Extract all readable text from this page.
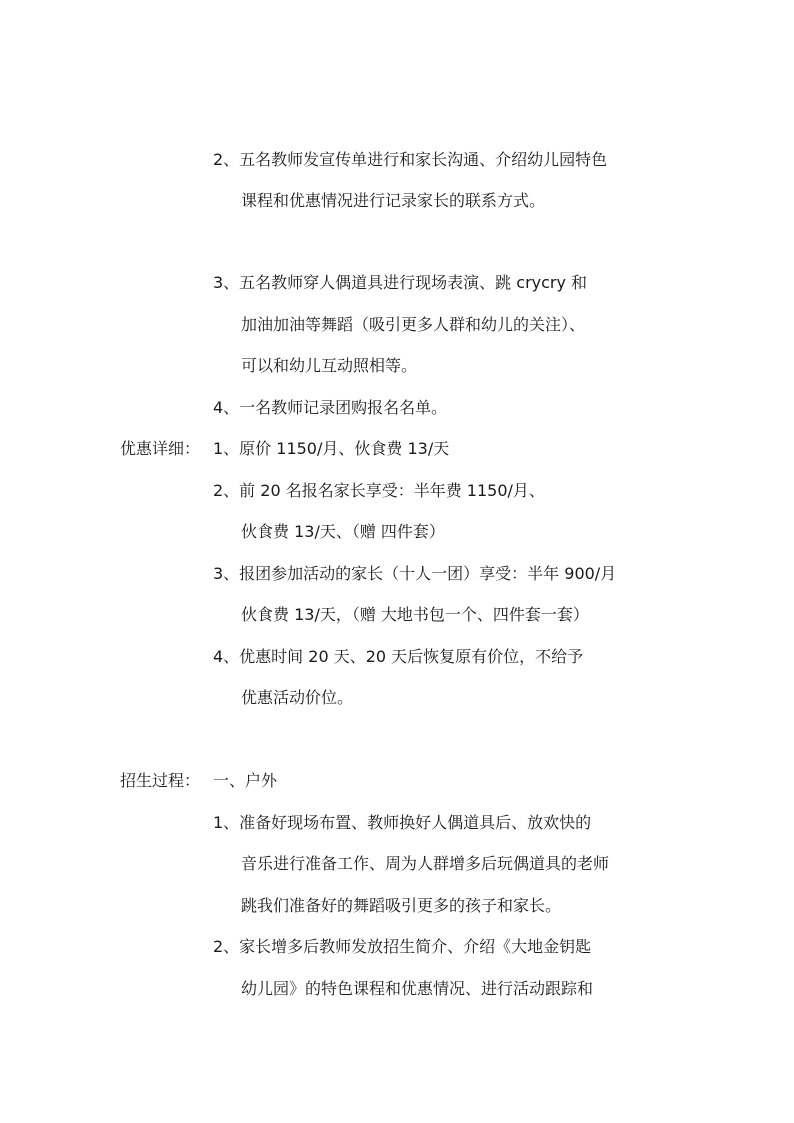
2、五名教师发宣传单进行和家长沟通、介绍幼儿园特色
课程和优惠情况进行记录家长的联系方式。
3、五名教师穿人偶道具进行现场表演、跳 crycry 和
加油加油等舞蹈（吸引更多人群和幼儿的关注）、
可以和幼儿互动照相等。
4、一名教师记录团购报名名单。
优惠详细： 1、原价 1150/月、伙食费 13/天
2、前 20 名报名家长享受：半年费 1150/月、
伙食费 13/天、（赠 四件套）
3、报团参加活动的家长（十人一团）享受：半年 900/月
伙食费 13/天，（赠 大地书包一个、四件套一套）
4、优惠时间 20 天、20 天后恢复原有价位，不给予
优惠活动价位。
招生过程： 一、户外
1、准备好现场布置、教师换好人偶道具后、放欢快的
音乐进行准备工作、周为人群增多后玩偶道具的老师
跳我们准备好的舞蹈吸引更多的孩子和家长。
2、家长增多后教师发放招生简介、介绍《大地金钥匙
幼儿园》的特色课程和优惠情况、进行活动跟踪和
